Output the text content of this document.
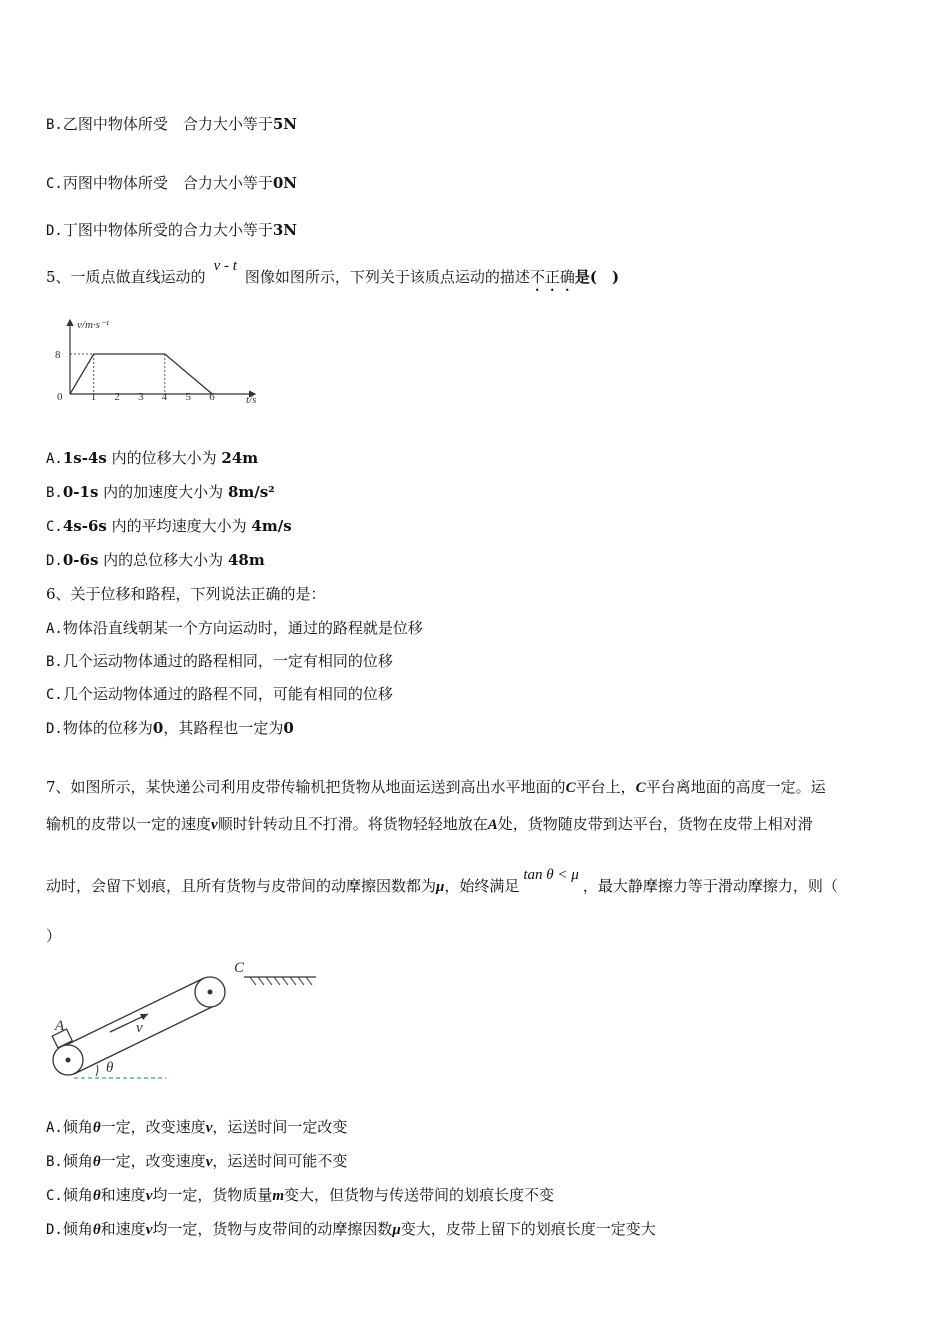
B.乙图中物体所受　合力大小等于5N
C.丙图中物体所受　合力大小等于0N
D.丁图中物体所受的合力大小等于3N
5、一质点做直线运动的v - t图像如图所示，下列关于该质点运动的描述不正确是(　)
v/m·s⁻¹
t/s
8
0	1 2 3 4 5 6
A.1s-4s 内的位移大小为 24m
B.0-1s 内的加速度大小为 8m/s²
C.4s-6s 内的平均速度大小为 4m/s
D.0-6s 内的总位移大小为 48m
6、关于位移和路程，下列说法正确的是：
A.物体沿直线朝某一个方向运动时，通过的路程就是位移
B.几个运动物体通过的路程相同，一定有相同的位移
C.几个运动物体通过的路程不同，可能有相同的位移
D.物体的位移为0，其路程也一定为0
7、如图所示，某快递公司利用皮带传输机把货物从地面运送到高出水平地面的C平台上，C平台离地面的高度一定。运
输机的皮带以一定的速度v顺时针转动且不打滑。将货物轻轻地放在A处，货物随皮带到达平台，货物在皮带上相对滑
动时，会留下划痕，且所有货物与皮带间的动摩擦因数都为μ，始终满足tan θ < μ，最大静摩擦力等于滑动摩擦力，则（
）
A
C
v
θ
A.倾角θ一定，改变速度v，运送时间一定改变
B.倾角θ一定，改变速度v，运送时间可能不变
C.倾角θ和速度v均一定，货物质量m变大，但货物与传送带间的划痕长度不变
D.倾角θ和速度v均一定，货物与皮带间的动摩擦因数μ变大，皮带上留下的划痕长度一定变大
